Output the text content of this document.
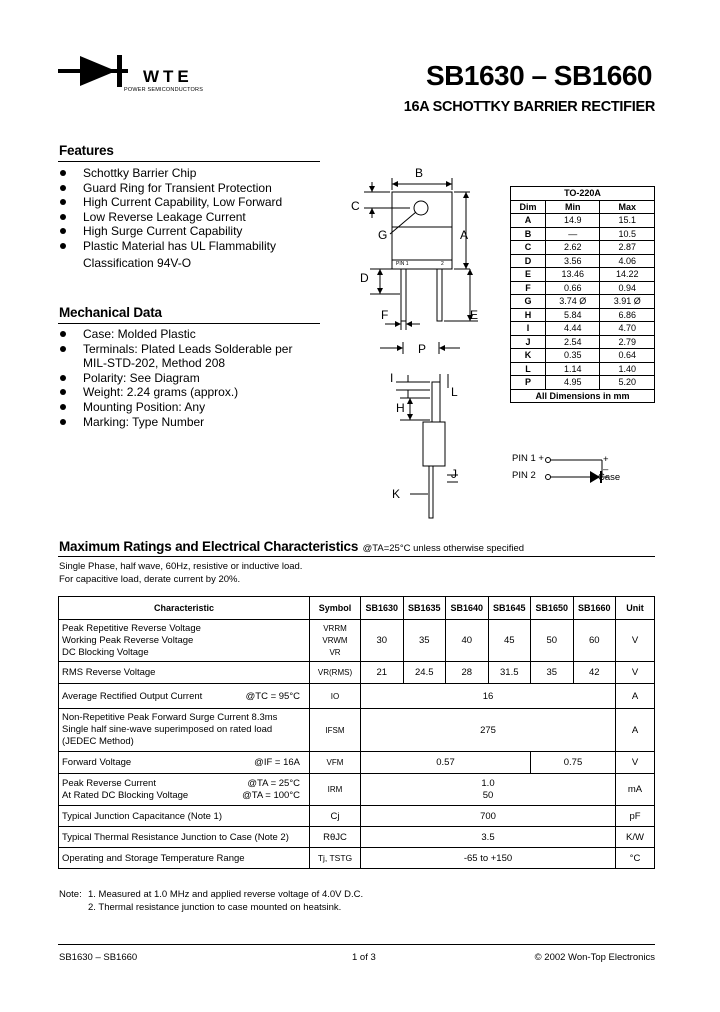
WTE
POWER SEMICONDUCTORS	SB1630 – SB1660
16A SCHOTTKY BARRIER RECTIFIER
Features
Schottky Barrier Chip
Guard Ring for Transient Protection
High Current Capability, Low Forward
Low Reverse Leakage Current
High Surge Current Capability
Plastic Material has UL Flammability
Classification 94V-O
Mechanical Data
Case: Molded Plastic
Terminals: Plated Leads Solderable per
MIL-STD-202, Method 208
Polarity: See Diagram
Weight: 2.24 grams (approx.)
Mounting Position: Any
Marking: Type Number
B
C
G	A
D
F	E
P
I
L
H
J
K
PIN 1	2
TO-220A		
Dim	Min	Max
A	14.9	15.1
B	—	10.5
C	2.62	2.87
D	3.56	4.06
E	13.46	14.22
F	0.66	0.94
G	3.74 Ø	3.91 Ø
H	5.84	6.86
I	4.44	4.70
J	2.54	2.79
K	0.35	0.64
L	1.14	1.40
P	4.95	5.20
All Dimensions in mm		
PIN 1 +
PIN 2
+
–
Case
Maximum Ratings and Electrical Characteristics @TA=25°C unless otherwise specified
Single Phase, half wave, 60Hz, resistive or inductive load.
For capacitive load, derate current by 20%.
Characteristic	Symbol	SB1630	SB1635	SB1640	SB1645	SB1650	SB1660	Unit

Peak Repetitive Reverse Voltage
Working Peak Reverse Voltage
DC Blocking Voltage	VRRM
VRWM
VR	30	35	40	45	50	60	V
RMS Reverse Voltage	VR(RMS)	21	24.5	28	31.5	35	42	V
Average Rectified Output Current @TC = 95°C	IO	16						A

Non-Repetitive Peak Forward Surge Current 8.3ms
Single half sine-wave superimposed on rated load
(JEDEC Method)	IFSM	275						A
Forward Voltage @IF = 16A	VFM	0.57				0.75		V

Peak Reverse Current @TA = 25°C
At Rated DC Blocking Voltage @TA = 100°C	IRM	1.0
50						mA
Typical Junction Capacitance (Note 1)	Cj	700						pF
Typical Thermal Resistance Junction to Case (Note 2)	RθJC	3.5						K/W
Operating and Storage Temperature Range	Tj, TSTG	-65 to +150						°C
Note: 1. Measured at 1.0 MHz and applied reverse voltage of 4.0V D.C.
2. Thermal resistance junction to case mounted on heatsink.
SB1630 – SB1660	1 of 3	© 2002 Won-Top Electronics
